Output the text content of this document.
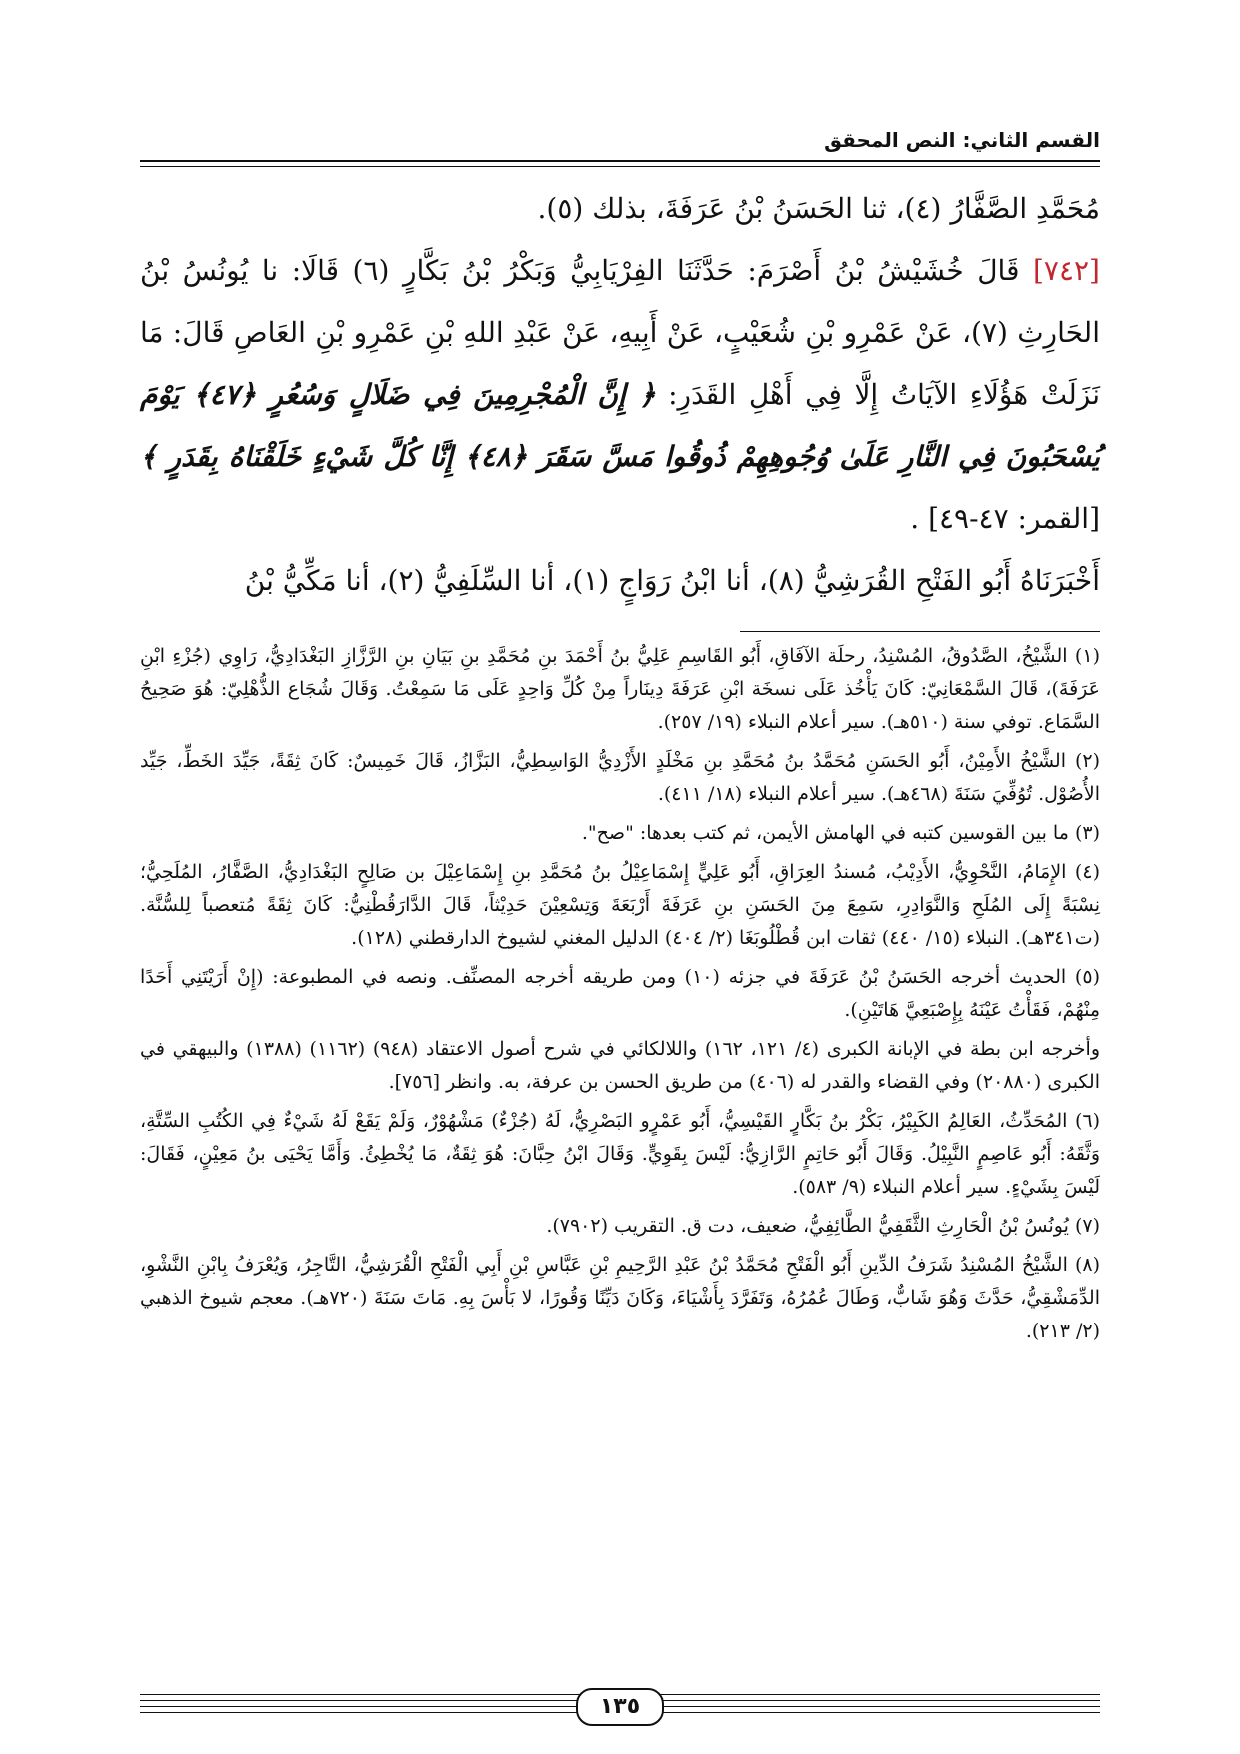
القسم الثاني: النص المحقق

مُحَمَّدِ الصَّفَّارُ (٤)، ثنا الحَسَنُ بْنُ عَرَفَةَ، بذلك (٥).

[٧٤٢] قَالَ خُشَيْشُ بْنُ أَصْرَمَ: حَدَّثَنَا الفِرْيَابِيُّ وَبَكْرُ بْنُ بَكَّارٍ (٦) قَالَا: نا يُونُسُ بْنُ الحَارِثِ (٧)، عَنْ عَمْرِو بْنِ شُعَيْبٍ، عَنْ أَبِيهِ، عَنْ عَبْدِ اللهِ بْنِ عَمْرِو بْنِ العَاصِ قَالَ: مَا نَزَلَتْ هَؤُلَاءِ الآيَاتُ إِلَّا فِي أَهْلِ القَدَرِ: ﴿ إِنَّ الْمُجْرِمِينَ فِي ضَلَالٍ وَسُعُرٍ ﴿٤٧﴾ يَوْمَ يُسْحَبُونَ فِي النَّارِ عَلَىٰ وُجُوهِهِمْ ذُوقُوا مَسَّ سَقَرَ ﴿٤٨﴾ إِنَّا كُلَّ شَيْءٍ خَلَقْنَاهُ بِقَدَرٍ ﴾ [القمر: ٤٧-٤٩] .

أَخْبَرَنَاهُ أَبُو الفَتْحِ القُرَشِيُّ (٨)، أنا ابْنُ رَوَاجٍ (١)، أنا السِّلَفِيُّ (٢)، أنا مَكِّيُّ بْنُ

(١) الشَّيْخُ، الصَّدُوقُ، المُسْنِدُ، رحلَة الآفَاقِ، أَبُو القَاسِمِ عَلِيُّ بنُ أَحْمَدَ بنِ مُحَمَّدِ بنِ بَيَانِ بنِ الرَّزَّازِ البَغْدَادِيُّ، رَاوِي (جُزْءِ ابْنِ عَرَفَةَ)، قَالَ السَّمْعَانِيّ: كَانَ يَأْخُذ عَلَى نسخَة ابْنِ عَرَفَةَ دِينَاراً مِنْ كُلِّ وَاحِدٍ عَلَى مَا سَمِعْتُ. وَقَالَ شُجَاع الذُّهْلِيّ: هُوَ صَحِيحُ السَّمَاع. توفي سنة (٥١٠هـ). سير أعلام النبلاء (١٩/ ٢٥٧).

(٢) الشَّيْخُ الأَمِيْنُ، أَبُو الحَسَنِ مُحَمَّدُ بنُ مُحَمَّدِ بنِ مَخْلَدٍ الأَزْدِيُّ الوَاسِطِيُّ، البَزَّازُ، قَالَ خَمِيسٌ: كَانَ ثِقَةً، جَيِّدَ الخَطِّ، جَيِّد الأُصُوْل. تُوُفِّيَ سَنَةَ (٤٦٨هـ). سير أعلام النبلاء (١٨/ ٤١١).

(٣) ما بين القوسين كتبه في الهامش الأيمن، ثم كتب بعدها: "صح".

(٤) الإِمَامُ، النَّحْوِيُّ، الأَدِيْبُ، مُسندُ العِرَاقِ، أَبُو عَلِيٍّ إِسْمَاعِيْلُ بنُ مُحَمَّدِ بنِ إِسْمَاعِيْلَ بن صَالِحٍ البَغْدَادِيُّ، الصَّفَّارُ، المُلَحِيُّ؛ نِسْبَةً إِلَى المُلَحِ وَالنَّوَادِرِ، سَمِعَ مِنَ الحَسَنِ بنِ عَرَفَةَ أَرْبَعَةَ وَتِسْعِيْنَ حَدِيْثاً، قَالَ الدَّارَقُطْنِيُّ: كَانَ ثِقَةً مُتعصباً لِلسُّنَّة. (ت٣٤١هـ). النبلاء (١٥/ ٤٤٠) ثقات ابن قُطْلُوبَغَا (٢/ ٤٠٤) الدليل المغني لشيوخ الدارقطني (١٢٨).

(٥) الحديث أخرجه الحَسَنُ بْنُ عَرَفَةَ في جزئه (١٠) ومن طريقه أخرجه المصنِّف. ونصه في المطبوعة: (إِنْ أَرَيْتَنِي أَحَدًا مِنْهُمْ، فَقَأْتُ عَيْنَهُ بِإِصْبَعِيَّ هَاتَيْنِ).

وأخرجه ابن بطة في الإبانة الكبرى (٤/ ١٢١، ١٦٢) واللالكائي في شرح أصول الاعتقاد (٩٤٨) (١١٦٢) (١٣٨٨) والبيهقي في الكبرى (٢٠٨٨٠) وفي القضاء والقدر له (٤٠٦) من طريق الحسن بن عرفة، به. وانظر [٧٥٦].

(٦) المُحَدِّثُ، العَالِمُ الكَبِيْرُ، بَكْرُ بنُ بَكَّارٍ القَيْسِيُّ، أَبُو عَمْرٍو البَصْرِيُّ، لَهُ (جُزْءٌ) مَشْهُوْرٌ، وَلَمْ يَقَعْ لَهُ شَيْءٌ فِي الكُتُبِ السِّتَّةِ، وَثَّقَهُ: أَبُو عَاصِمٍ النَّبِيْلُ. وَقَالَ أَبُو حَاتِمٍ الرَّازِيُّ: لَيْسَ بِقَوِيٍّ. وَقَالَ ابْنُ حِبَّانَ: هُوَ ثِقَةٌ، مَا يُخْطِئُ. وَأَمَّا يَحْيَى بنُ مَعِيْنٍ، فَقَالَ: لَيْسَ بِشَيْءٍ. سير أعلام النبلاء (٩/ ٥٨٣).

(٧) يُونُسُ بْنُ الْحَارِثِ الثَّقَفِيُّ الطَّائِفِيُّ، ضعيف، دت ق. التقريب (٧٩٠٢).

(٨) الشَّيْخُ المُسْنِدُ شَرَفُ الدِّينِ أَبُو الْفَتْحِ مُحَمَّدُ بْنُ عَبْدِ الرَّحِيمِ بْنِ عَبَّاسِ بْنِ أَبِي الْفَتْحِ الْقُرَشِيُّ، التَّاجِرُ، وَيُعْرَفُ بِابْنِ النَّشْوِ، الدِّمَشْقِيُّ، حَدَّثَ وَهُوَ شَابٌّ، وَطَالَ عُمُرُهُ، وَتَفَرَّدَ بِأَشْيَاءَ، وَكَانَ دَيِّنًا وَقُورًا، لا بَأْسَ بِهِ. مَاتَ سَنَةَ (٧٢٠هـ). معجم شيوخ الذهبي (٢/ ٢١٣).

١٣٥
